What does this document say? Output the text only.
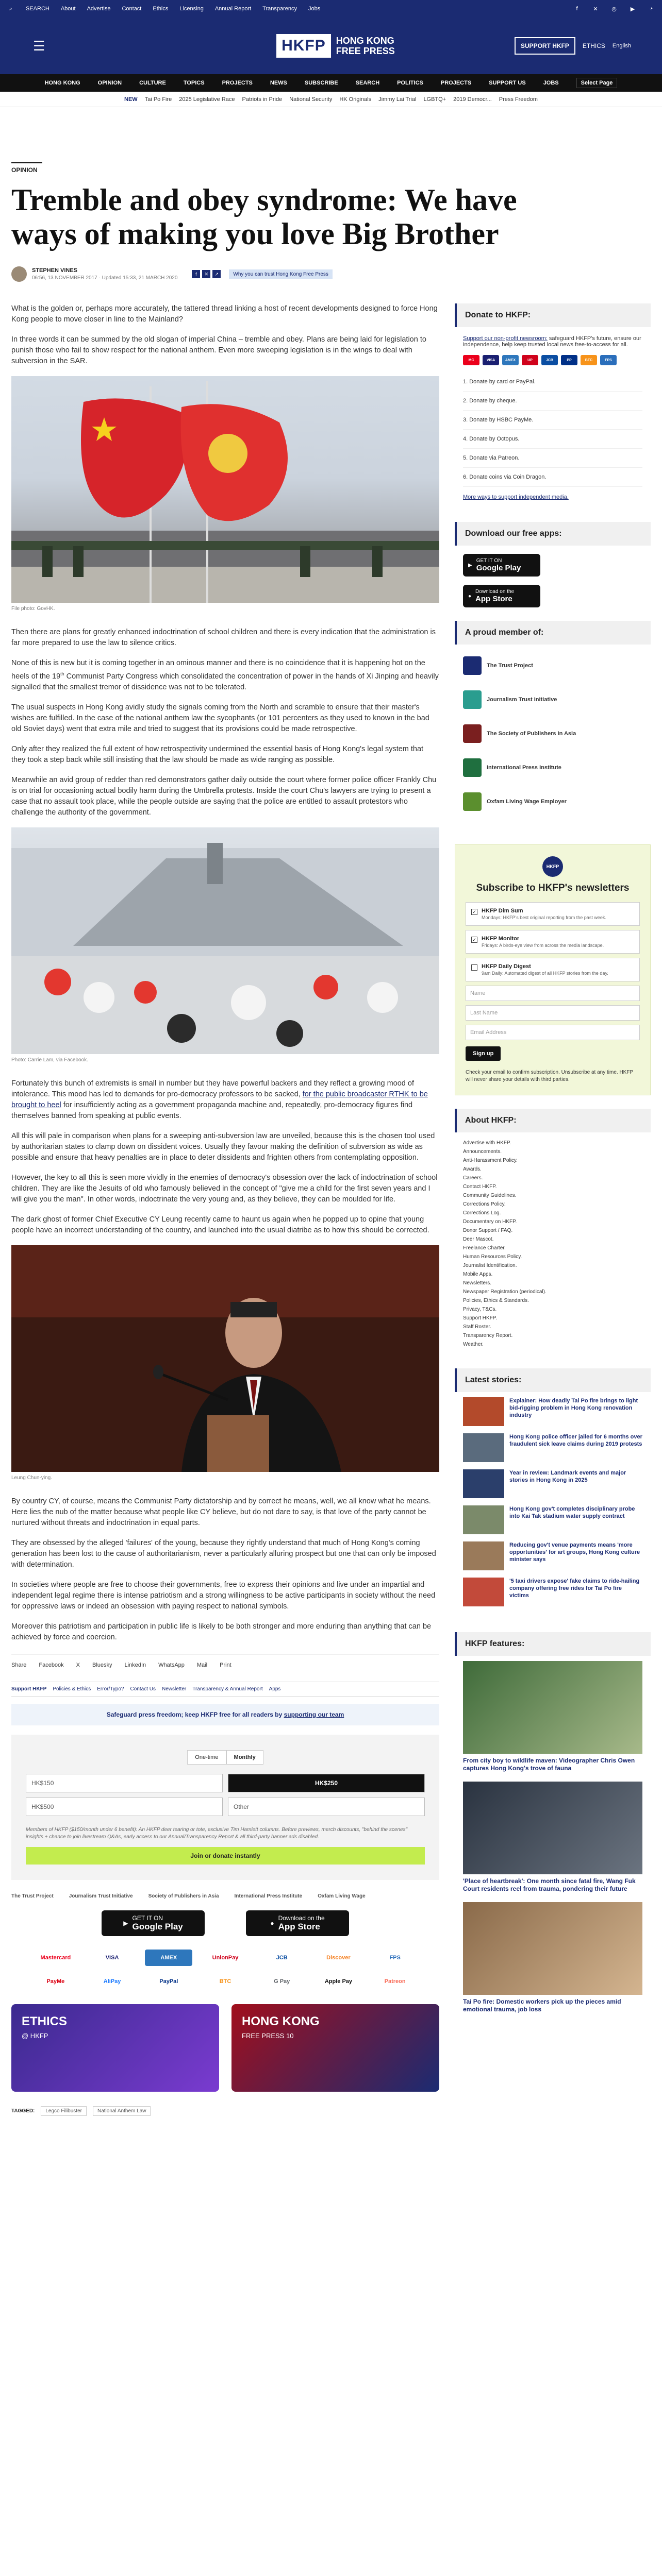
⌕	SEARCH About Advertise Contact Ethics Licensing Annual Report Transparency Jobs	f	✕ ◎ ▶	◔
☰	HKFP	HONG KONG
FREE PRESS	SUPPORT HKFP	ETHICS English
HONG KONG	OPINION	CULTURE	TOPICS	PROJECTS	NEWS	SUBSCRIBE	SEARCH	POLITICS	PROJECTS	SUPPORT US	JOBS	Select Page
NEW Tai Po Fire 2025 Legislative Race Patriots in Pride National Security HK Originals Jimmy Lai Trial LGBTQ+ 2019 Democr... Press Freedom
OPINION
Tremble and obey syndrome: We have ways of making you love Big Brother
STEPHEN VINES
06:56, 13 NOVEMBER 2017 · Updated 15:33, 21 MARCH 2020
f	✕	↗	Why you can trust Hong Kong Free Press

What is the golden or, perhaps more accurately, the tattered thread linking a host of recent developments designed to force Hong Kong people to move closer in line to the Mainland?

In three words it can be summed by the old slogan of imperial China – tremble and obey. Plans are being laid for legislation to punish those who fail to show respect for the national anthem. Even more sweeping legislation is in the wings to deal with subversion in the SAR.

File photo: GovHK.

Then there are plans for greatly enhanced indoctrination of school children and there is every indication that the administration is far more prepared to use the law to silence critics.

None of this is new but it is coming together in an ominous manner and there is no coincidence that it is happening hot on the heels of the 19th Communist Party Congress which consolidated the concentration of power in the hands of Xi Jinping and heavily signalled that the smallest tremor of dissidence was not to be tolerated.

The usual suspects in Hong Kong avidly study the signals coming from the North and scramble to ensure that their master's wishes are fulfilled. In the case of the national anthem law the sycophants (or 101 percenters as they used to known in the bad old Soviet days) went that extra mile and tried to suggest that its provisions could be made retrospective.

Only after they realized the full extent of how retrospectivity undermined the essential basis of Hong Kong's legal system that they took a step back while still insisting that the law should be made as wide ranging as possible.

Meanwhile an avid group of redder than red demonstrators gather daily outside the court where former police officer Frankly Chu is on trial for occasioning actual bodily harm during the Umbrella protests. Inside the court Chu's lawyers are trying to present a case that no assault took place, while the people outside are saying that the police are entitled to assault protestors who challenge the authority of the government.

Photo: Carrie Lam, via Facebook.

Fortunately this bunch of extremists is small in number but they have powerful backers and they reflect a growing mood of intolerance. This mood has led to demands for pro-democracy professors to be sacked, for the public broadcaster RTHK to be brought to heel for insufficiently acting as a government propaganda machine and, repeatedly, pro-democracy figures find themselves banned from speaking at public events.

All this will pale in comparison when plans for a sweeping anti-subversion law are unveiled, because this is the chosen tool used by authoritarian states to clamp down on dissident voices. Usually they favour making the definition of subversion as wide as possible and ensure that heavy penalties are in place to deter dissidents and frighten others from contemplating opposition.

However, the key to all this is seen more vividly in the enemies of democracy's obsession over the lack of indoctrination of school children. They are like the Jesuits of old who famously believed in the concept of "give me a child for the first seven years and I will give you the man". In other words, indoctrinate the very young and, as they believe, they can be moulded for life.

The dark ghost of former Chief Executive CY Leung recently came to haunt us again when he popped up to opine that young people have an incorrect understanding of the country, and launched into the usual diatribe as to how this should be corrected.

Leung Chun-ying.

By country CY, of course, means the Communist Party dictatorship and by correct he means, well, we all know what he means. Here lies the nub of the matter because what people like CY believe, but do not dare to say, is that love of the party cannot be nurtured without threats and indoctrination in equal parts.

They are obsessed by the alleged 'failures' of the young, because they rightly understand that much of Hong Kong's coming generation has been lost to the cause of authoritarianism, never a particularly alluring prospect but one that can only be imposed with determination.

In societies where people are free to choose their governments, free to express their opinions and live under an impartial and independent legal regime there is intense patriotism and a strong willingness to be active participants in society without the need for oppressive laws or indeed an obsession with paying respect to national symbols.

Moreover this patriotism and participation in public life is likely to be both stronger and more enduring than anything that can be achieved by force and coercion.

Share Facebook X Bluesky LinkedIn WhatsApp Mail Print
Support HKFP Policies & Ethics Error/Typo? Contact Us Newsletter Transparency & Annual Report Apps
Safeguard press freedom; keep HKFP free for all readers by supporting our team
One-time	Monthly
HK$150	HK$250
HK$500	Other
Members of HKFP ($150/month under 6 benefit): An HKFP deer tearing or tote, exclusive Tim Hamlett columns. Before previews, merch discounts, "behind the scenes" insights + chance to join livestream Q&As, early access to our Annual/Transparency Report & all third-party banner ads disabled.
Join or donate instantly
The Trust Project	Journalism Trust Initiative	Society of Publishers in Asia	International Press Institute	Oxfam Living Wage
▶
GET IT ON
Google Play	●
Download on the
App Store
Mastercard	VISA	AMEX	UnionPay	JCB	Discover	FPS
PayMe	AliPay	PayPal	BTC	G Pay	Apple Pay	Patreon
ETHICS
@ HKFP
HONG KONG
FREE PRESS 10
TAGGED:	Legco Filibuster	National Anthem Law
Donate to HKFP:
Support our non-profit newsroom: safeguard HKFP's future, ensure our independence, help keep trusted local news free-to-access for all.
MC	VISA	AMEX	UP	JCB	PP	BTC	FPS
1. Donate by card or PayPal.
2. Donate by cheque.
3. Donate by HSBC PayMe.
4. Donate by Octopus.
5. Donate via Patreon.
6. Donate coins via Coin Dragon.
More ways to support independent media.
Download our free apps:
▶
GET IT ON
Google Play
●
Download on the
App Store
A proud member of:
The Trust Project
Journalism Trust Initiative
The Society of Publishers in Asia
International Press Institute
Oxfam Living Wage Employer
HKFP
Subscribe to HKFP's newsletters
✓ HKFP Dim Sum
Mondays: HKFP's best original reporting from the past week.
✓ HKFP Monitor
Fridays: A birds-eye view from across the media landscape.
HKFP Daily Digest
9am Daily: Automated digest of all HKFP stories from the day.
Name
Last Name
Email Address
Sign up
Check your email to confirm subscription. Unsubscribe at any time. HKFP will never share your details with third parties.
About HKFP:
Advertise with HKFP.
Announcements.
Anti-Harassment Policy.
Awards.
Careers.
Contact HKFP.
Community Guidelines.
Corrections Policy.
Corrections Log.
Documentary on HKFP.
Donor Support / FAQ.
Deer Mascot.
Freelance Charter.
Human Resources Policy.
Journalist Identification.
Mobile Apps.
Newsletters.
Newspaper Registration (periodical).
Policies, Ethics & Standards.
Privacy, T&Cs.
Support HKFP.
Staff Roster.
Transparency Report.
Weather.
Latest stories:
Explainer: How deadly Tai Po fire brings to light bid-rigging problem in Hong Kong renovation industry
Hong Kong police officer jailed for 6 months over fraudulent sick leave claims during 2019 protests
Year in review: Landmark events and major stories in Hong Kong in 2025
Hong Kong gov't completes disciplinary probe into Kai Tak stadium water supply contract
Reducing gov't venue payments means 'more opportunities' for art groups, Hong Kong culture minister says
'5 taxi drivers expose' fake claims to ride-hailing company offering free rides for Tai Po fire victims
HKFP features:
From city boy to wildlife maven: Videographer Chris Owen captures Hong Kong's trove of fauna
'Place of heartbreak': One month since fatal fire, Wang Fuk Court residents reel from trauma, pondering their future
Tai Po fire: Domestic workers pick up the pieces amid emotional trauma, job loss
